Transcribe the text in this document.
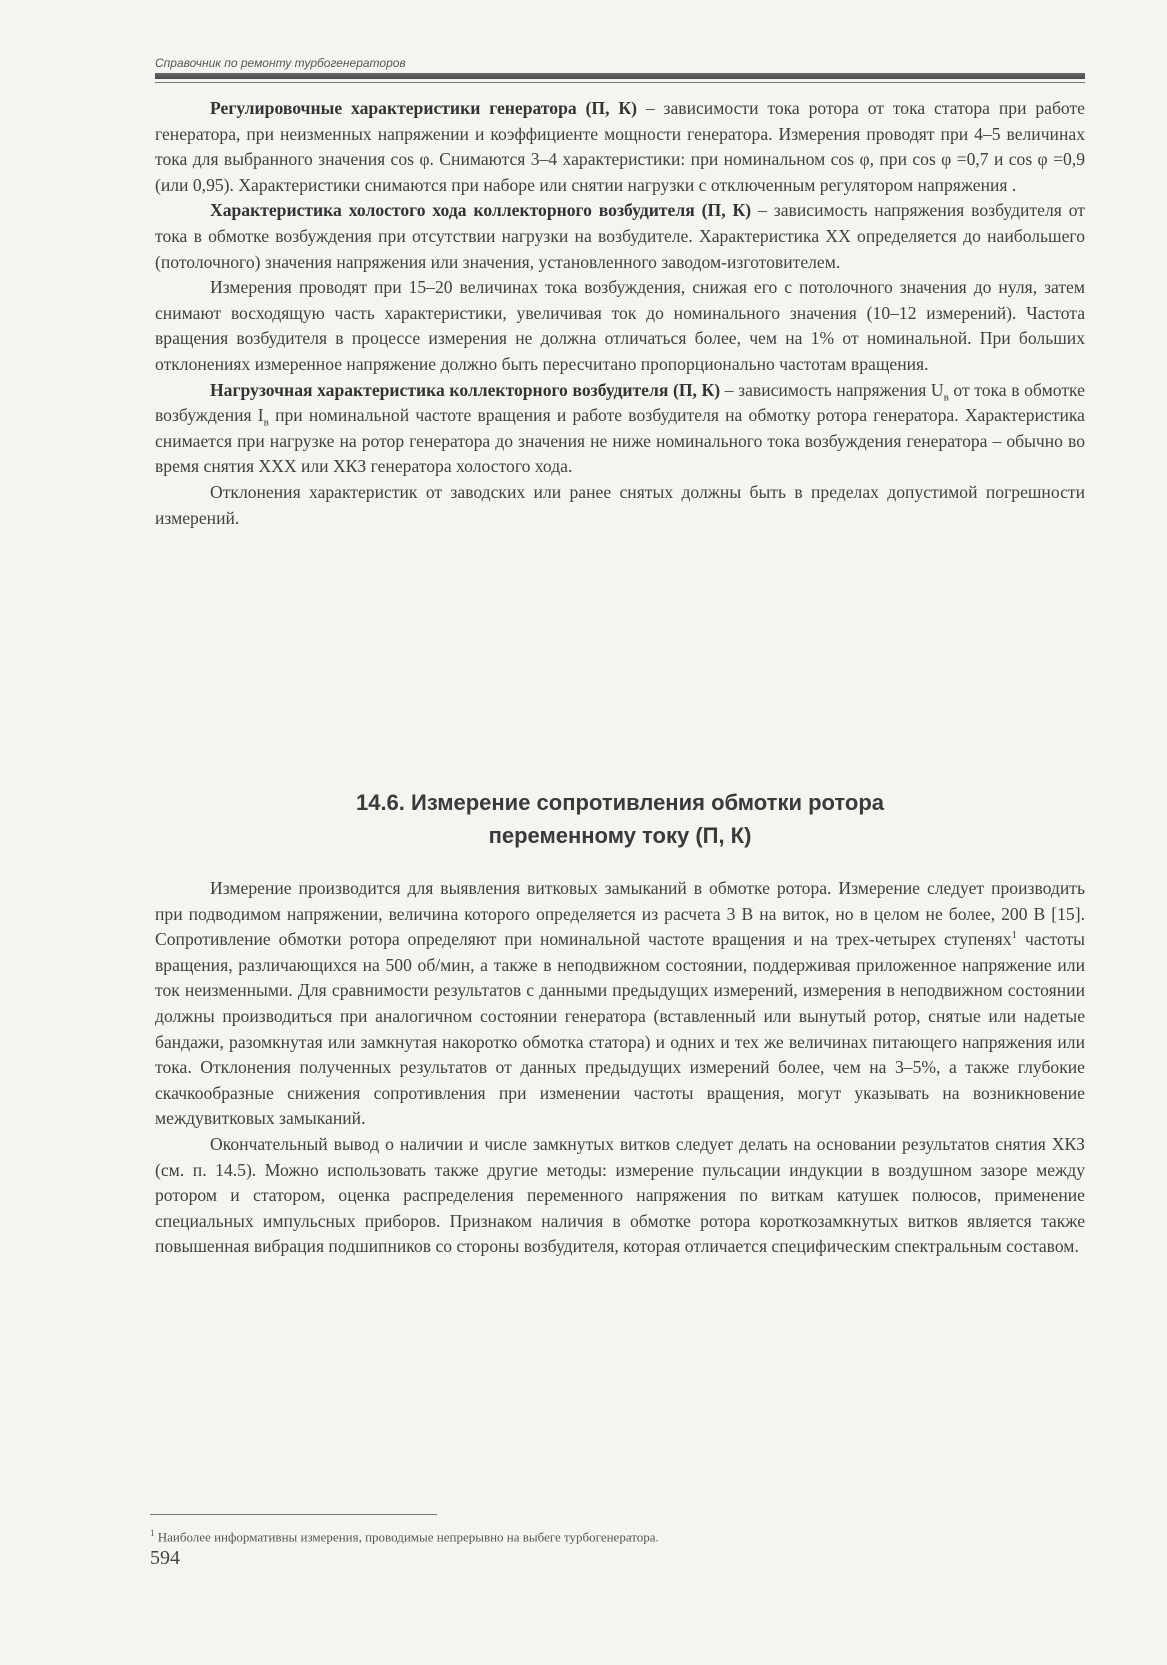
Справочник по ремонту турбогенераторов

Регулировочные характеристики генератора (П, К) – зависимости тока ротора от тока статора при работе генератора, при неизменных напряжении и коэффициенте мощности генератора. Измерения проводят при 4–5 величинах тока для выбранного значения cos φ. Снимаются 3–4 характеристики: при номинальном cos φ, при cos φ =0,7 и cos φ =0,9 (или 0,95). Характеристики снимаются при наборе или снятии нагрузки с отключенным регулятором напряжения .

Характеристика холостого хода коллекторного возбудителя (П, К) – зависимость напряжения возбудителя от тока в обмотке возбуждения при отсутствии нагрузки на возбудителе. Характеристика XX определяется до наибольшего (потолочного) значения напряжения или значения, установленного заводом-изготовителем.

Измерения проводят при 15–20 величинах тока возбуждения, снижая его с потолочного значения до нуля, затем снимают восходящую часть характеристики, увеличивая ток до номинального значения (10–12 измерений). Частота вращения возбудителя в процессе измерения не должна отличаться более, чем на 1% от номинальной. При больших отклонениях измеренное напряжение должно быть пересчитано пропорционально частотам вращения.

Нагрузочная характеристика коллекторного возбудителя (П, К) – зависимость напряжения $U_в$ от тока в обмотке возбуждения $I_в$ при номинальной частоте вращения и работе возбудителя на обмотку ротора генератора. Характеристика снимается при нагрузке на ротор генератора до значения не ниже номинального тока возбуждения генератора – обычно во время снятия ХХХ или ХКЗ генератора холостого хода.

Отклонения характеристик от заводских или ранее снятых должны быть в пределах допустимой погрешности измерений.

14.6. Измерение сопротивления обмотки ротора
переменному току (П, К)

Измерение производится для выявления витковых замыканий в обмотке ротора. Измерение следует производить при подводимом напряжении, величина которого определяется из расчета 3 В на виток, но в целом не более, 200 В [15]. Сопротивление обмотки ротора определяют при номинальной частоте вращения и на трех-четырех ступенях$^1$ частоты вращения, различающихся на 500 об/мин, а также в неподвижном состоянии, поддерживая приложенное напряжение или ток неизменными. Для сравнимости результатов с данными предыдущих измерений, измерения в неподвижном состоянии должны производиться при аналогичном состоянии генератора (вставленный или вынутый ротор, снятые или надетые бандажи, разомкнутая или замкнутая накоротко обмотка статора) и одних и тех же величинах питающего напряжения или тока. Отклонения полученных результатов от данных предыдущих измерений более, чем на 3–5%, а также глубокие скачкообразные снижения сопротивления при изменении частоты вращения, могут указывать на возникновение междувитковых замыканий.

Окончательный вывод о наличии и числе замкнутых витков следует делать на основании результатов снятия ХКЗ (см. п. 14.5). Можно использовать также другие методы: измерение пульсации индукции в воздушном зазоре между ротором и статором, оценка распределения переменного напряжения по виткам катушек полюсов, применение специальных импульсных приборов. Признаком наличия в обмотке ротора короткозамкнутых витков является также повышенная вибрация подшипников со стороны возбудителя, которая отличается специфическим спектральным составом.

$^1$ Наиболее информативны измерения, проводимые непрерывно на выбеге турбогенератора.
594
